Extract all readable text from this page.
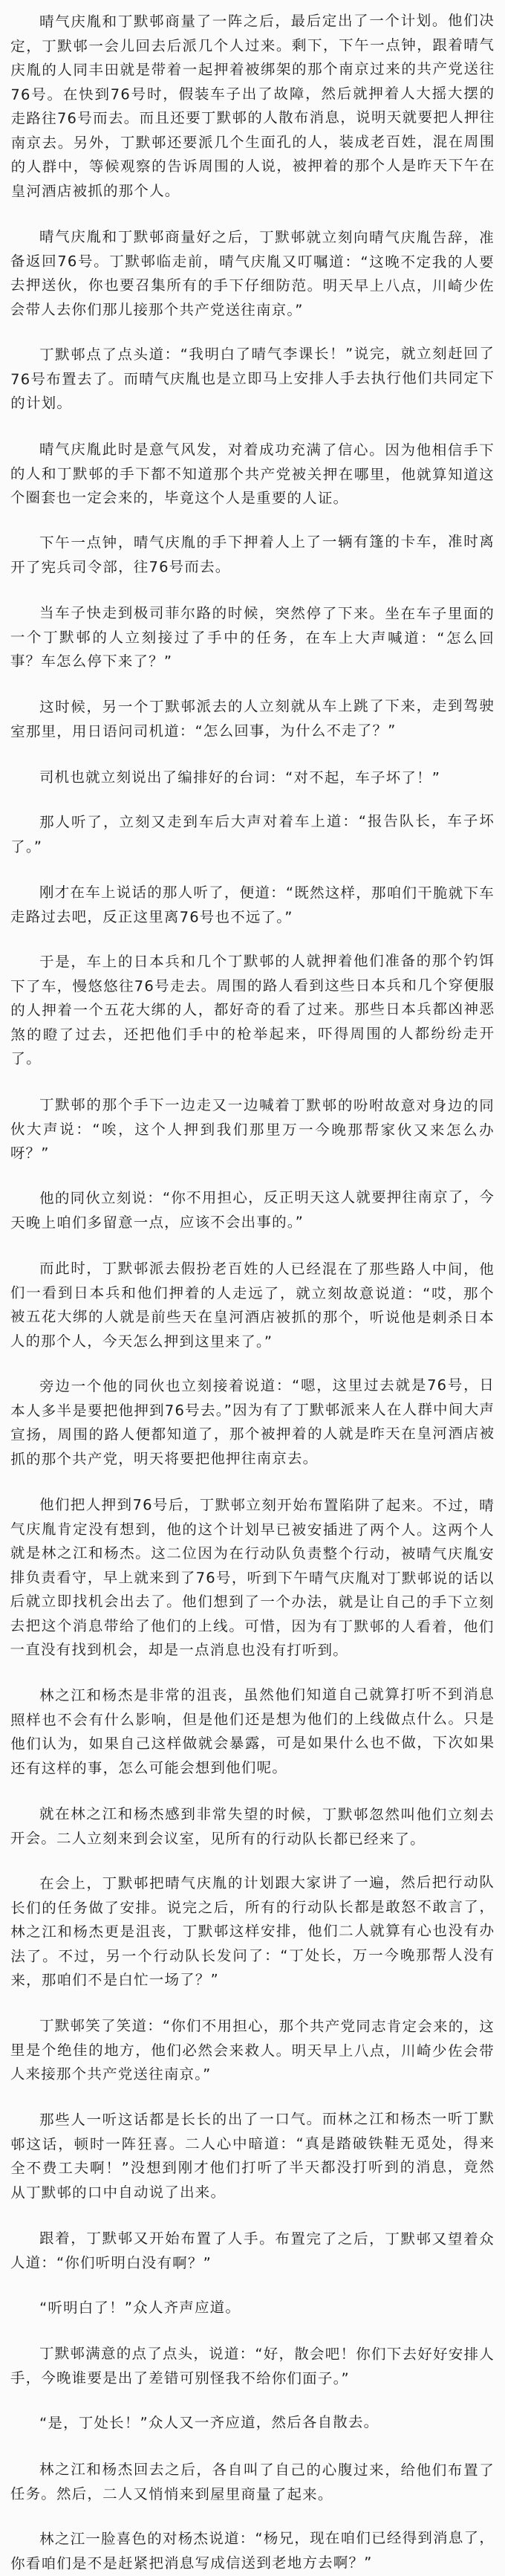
晴气庆胤和丁默邨商量了一阵之后，最后定出了一个计划。他们决定，丁默邨一会儿回去后派几个人过来。剩下，下午一点钟，跟着晴气庆胤的人同丰田就是带着一起押着被绑架的那个南京过来的共产党送往76号。在快到76号时，假装车子出了故障，然后就押着人大摇大摆的走路往76号而去。而且还要丁默邨的人散布消息，说明天就要把人押往南京去。另外，丁默邨还要派几个生面孔的人，装成老百姓，混在周围的人群中，等候观察的告诉周围的人说，被押着的那个人是昨天下午在皇河酒店被抓的那个人。

晴气庆胤和丁默邨商量好之后，丁默邨就立刻向晴气庆胤告辞，准备返回76号。丁默邨临走前，晴气庆胤又叮嘱道：“这晚不定我的人要去押送伙，你也要召集所有的手下仔细防范。明天早上八点，川崎少佐会带人去你们那儿接那个共产党送往南京。”

丁默邨点了点头道：“我明白了晴气李课长！”说完，就立刻赶回了76号布置去了。而晴气庆胤也是立即马上安排人手去执行他们共同定下的计划。

晴气庆胤此时是意气风发，对着成功充满了信心。因为他相信手下的人和丁默邨的手下都不知道那个共产党被关押在哪里，他就算知道这个圈套也一定会来的，毕竟这个人是重要的人证。

下午一点钟，晴气庆胤的手下押着人上了一辆有篷的卡车，准时离开了宪兵司令部，往76号而去。

当车子快走到极司菲尔路的时候，突然停了下来。坐在车子里面的一个丁默邨的人立刻接过了手中的任务，在车上大声喊道：“怎么回事？车怎么停下来了？”

这时候，另一个丁默邨派去的人立刻就从车上跳了下来，走到驾驶室那里，用日语问司机道：“怎么回事，为什么不走了？”

司机也就立刻说出了编排好的台词：“对不起，车子坏了！”

那人听了，立刻又走到车后大声对着车上道：“报告队长，车子坏了。”

刚才在车上说话的那人听了，便道：“既然这样，那咱们干脆就下车走路过去吧，反正这里离76号也不远了。”

于是，车上的日本兵和几个丁默邨的人就押着他们准备的那个钓饵下了车，慢悠悠往76号走去。周围的路人看到这些日本兵和几个穿便服的人押着一个五花大绑的人，都好奇的看了过来。那些日本兵都凶神恶煞的瞪了过去，还把他们手中的枪举起来，吓得周围的人都纷纷走开了。

丁默邨的那个手下一边走又一边喊着丁默邨的吩咐故意对身边的同伙大声说：“唉，这个人押到我们那里万一今晚那帮家伙又来怎么办呀？”

他的同伙立刻说：“你不用担心，反正明天这人就要押往南京了，今天晚上咱们多留意一点，应该不会出事的。”

而此时，丁默邨派去假扮老百姓的人已经混在了那些路人中间，他们一看到日本兵和他们押着的人走远了，就立刻故意说道：“哎，那个被五花大绑的人就是前些天在皇河酒店被抓的那个，听说他是刺杀日本人的那个人，今天怎么押到这里来了。”

旁边一个他的同伙也立刻接着说道：“嗯，这里过去就是76号，日本人多半是要把他押到76号去。”因为有了丁默邨派来人在人群中间大声宣扬，周围的路人便都知道了，那个被押着的人就是昨天在皇河酒店被抓的那个共产党，明天将要把他押往南京去。

他们把人押到76号后，丁默邨立刻开始布置陷阱了起来。不过，晴气庆胤肯定没有想到，他的这个计划早已被安插进了两个人。这两个人就是林之江和杨杰。这二位因为在行动队负责整个行动，被晴气庆胤安排负责看守，早上就来到了76号，听到下午晴气庆胤对丁默邨说的话以后就立即找机会出去了。他们想到了一个办法，就是让自己的手下立刻去把这个消息带给了他们的上线。可惜，因为有丁默邨的人看着，他们一直没有找到机会，却是一点消息也没有打听到。

林之江和杨杰是非常的沮丧，虽然他们知道自己就算打听不到消息照样也不会有什么影响，但是他们还是想为他们的上线做点什么。只是他们认为，如果自己这样做就会暴露，可是如果什么也不做，下次如果还有这样的事，怎么可能会想到他们呢。

就在林之江和杨杰感到非常失望的时候，丁默邨忽然叫他们立刻去开会。二人立刻来到会议室，见所有的行动队长都已经来了。

在会上，丁默邨把晴气庆胤的计划跟大家讲了一遍，然后把行动队长们的任务做了安排。说完之后，所有的行动队长都是敢怒不敢言了，林之江和杨杰更是沮丧，丁默邨这样安排，他们二人就算有心也没有办法了。不过，另一个行动队长发问了：“丁处长，万一今晚那帮人没有来，那咱们不是白忙一场了？”

丁默邨笑了笑道：“你们不用担心，那个共产党同志肯定会来的，这里是个绝佳的地方，他们必然会来救人。明天早上八点，川崎少佐会带人来接那个共产党送往南京。”

那些人一听这话都是长长的出了一口气。而林之江和杨杰一听丁默邨这话，顿时一阵狂喜。二人心中暗道：“真是踏破铁鞋无觅处，得来全不费工夫啊！”没想到刚才他们打听了半天都没打听到的消息，竟然从丁默邨的口中自动说了出来。

跟着，丁默邨又开始布置了人手。布置完了之后，丁默邨又望着众人道：“你们听明白没有啊？”

“听明白了！”众人齐声应道。

丁默邨满意的点了点头，说道：“好，散会吧！你们下去好好安排人手，今晚谁要是出了差错可别怪我不给你们面子。”

“是，丁处长！”众人又一齐应道，然后各自散去。

林之江和杨杰回去之后，各自叫了自己的心腹过来，给他们布置了任务。然后，二人又悄悄来到屋里商量了起来。

林之江一脸喜色的对杨杰说道：“杨兄，现在咱们已经得到消息了，你看咱们是不是赶紧把消息写成信送到老地方去啊？”
